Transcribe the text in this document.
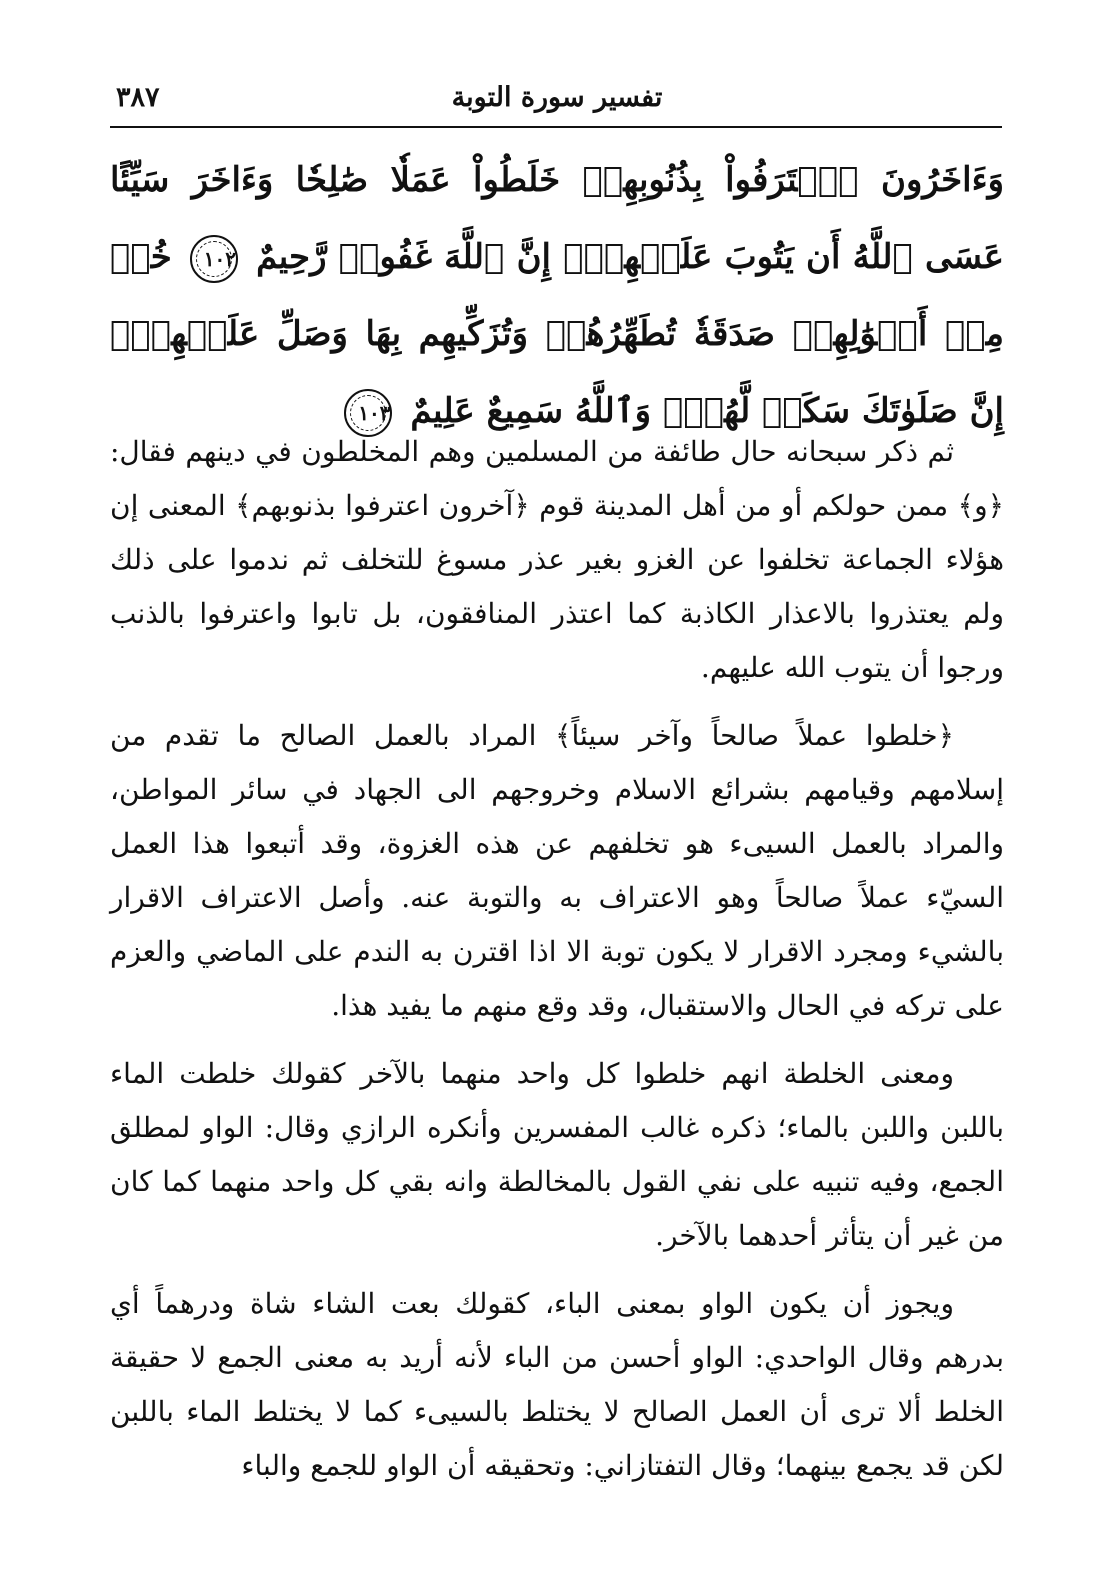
تفسير سورة التوبة
٣٨٧
وَءَاخَرُونَ ٱعۡتَرَفُواْ بِذُنُوبِهِمۡ خَلَطُواْ عَمَلٗا صَٰلِحٗا وَءَاخَرَ سَيِّئًا عَسَى ٱللَّهُ أَن يَتُوبَ عَلَيۡهِمۡۚ إِنَّ ٱللَّهَ غَفُورٞ رَّحِيمٌ ١٠٢ خُذۡ مِنۡ أَمۡوَٰلِهِمۡ صَدَقَةٗ تُطَهِّرُهُمۡ وَتُزَكِّيهِم بِهَا وَصَلِّ عَلَيۡهِمۡۖ إِنَّ صَلَوٰتَكَ سَكَنٞ لَّهُمۡۗ وَٱللَّهُ سَمِيعٌ عَلِيمٌ ١٠٣

ثم ذكر سبحانه حال طائفة من المسلمين وهم المخلطون في دينهم فقال: ﴿و﴾ ممن حولكم أو من أهل المدينة قوم ﴿آخرون اعترفوا بذنوبهم﴾ المعنى إن هؤلاء الجماعة تخلفوا عن الغزو بغير عذر مسوغ للتخلف ثم ندموا على ذلك ولم يعتذروا بالاعذار الكاذبة كما اعتذر المنافقون، بل تابوا واعترفوا بالذنب ورجوا أن يتوب الله عليهم.

﴿خلطوا عملاً صالحاً وآخر سيئاً﴾ المراد بالعمل الصالح ما تقدم من إسلامهم وقيامهم بشرائع الاسلام وخروجهم الى الجهاد في سائر المواطن، والمراد بالعمل السيىء هو تخلفهم عن هذه الغزوة، وقد أتبعوا هذا العمل السيّء عملاً صالحاً وهو الاعتراف به والتوبة عنه. وأصل الاعتراف الاقرار بالشيء ومجرد الاقرار لا يكون توبة الا اذا اقترن به الندم على الماضي والعزم على تركه في الحال والاستقبال، وقد وقع منهم ما يفيد هذا.

ومعنى الخلطة انهم خلطوا كل واحد منهما بالآخر كقولك خلطت الماء باللبن واللبن بالماء؛ ذكره غالب المفسرين وأنكره الرازي وقال: الواو لمطلق الجمع، وفيه تنبيه على نفي القول بالمخالطة وانه بقي كل واحد منهما كما كان من غير أن يتأثر أحدهما بالآخر.

ويجوز أن يكون الواو بمعنى الباء، كقولك بعت الشاء شاة ودرهماً أي بدرهم وقال الواحدي: الواو أحسن من الباء لأنه أريد به معنى الجمع لا حقيقة الخلط ألا ترى أن العمل الصالح لا يختلط بالسيىء كما لا يختلط الماء باللبن لكن قد يجمع بينهما؛ وقال التفتازاني: وتحقيقه أن الواو للجمع والباء
